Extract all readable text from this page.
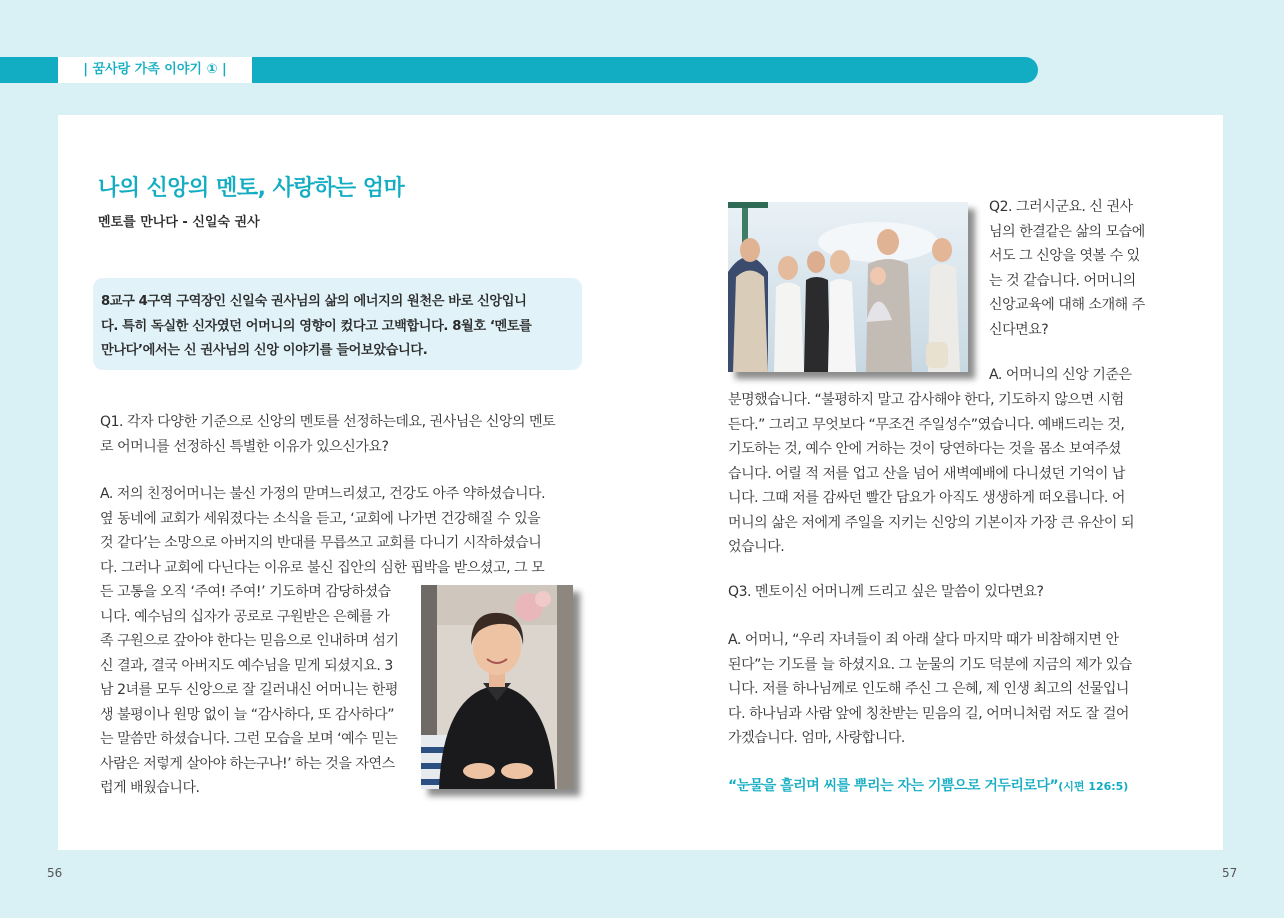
| 꿈사랑 가족 이야기 ① |
나의 신앙의 멘토, 사랑하는 엄마
멘토를 만나다 - 신일숙 권사
8교구 4구역 구역장인 신일숙 권사님의 삶의 에너지의 원천은 바로 신앙입니
다. 특히 독실한 신자였던 어머니의 영향이 컸다고 고백합니다. 8월호 ‘멘토를
만나다’에서는 신 권사님의 신앙 이야기를 들어보았습니다.
Q1. 각자 다양한 기준으로 신앙의 멘토를 선정하는데요, 권사님은 신앙의 멘토
로 어머니를 선정하신 특별한 이유가 있으신가요?
A. 저의 친정어머니는 불신 가정의 맏며느리셨고, 건강도 아주 약하셨습니다.
옆 동네에 교회가 세워졌다는 소식을 듣고, ‘교회에 나가면 건강해질 수 있을
것 같다’는 소망으로 아버지의 반대를 무릅쓰고 교회를 다니기 시작하셨습니
다. 그러나 교회에 다닌다는 이유로 불신 집안의 심한 핍박을 받으셨고, 그 모
든 고통을 오직 ‘주여! 주여!’ 기도하며 감당하셨습
니다. 예수님의 십자가 공로로 구원받은 은혜를 가
족 구원으로 갚아야 한다는 믿음으로 인내하며 섬기
신 결과, 결국 아버지도 예수님을 믿게 되셨지요. 3
남 2녀를 모두 신앙으로 잘 길러내신 어머니는 한평
생 불평이나 원망 없이 늘 “감사하다, 또 감사하다”
는 말씀만 하셨습니다. 그런 모습을 보며 ‘예수 믿는
사람은 저렇게 살아야 하는구나!’ 하는 것을 자연스
럽게 배웠습니다.
Q2. 그러시군요. 신 권사
님의 한결같은 삶의 모습에
서도 그 신앙을 엿볼 수 있
는 것 같습니다. 어머니의
신앙교육에 대해 소개해 주
신다면요?
A. 어머니의 신앙 기준은
분명했습니다. “불평하지 말고 감사해야 한다, 기도하지 않으면 시험
든다.” 그리고 무엇보다 “무조건 주일성수”였습니다. 예배드리는 것,
기도하는 것, 예수 안에 거하는 것이 당연하다는 것을 몸소 보여주셨
습니다. 어릴 적 저를 업고 산을 넘어 새벽예배에 다니셨던 기억이 납
니다. 그때 저를 감싸던 빨간 담요가 아직도 생생하게 떠오릅니다. 어
머니의 삶은 저에게 주일을 지키는 신앙의 기본이자 가장 큰 유산이 되
었습니다.
Q3. 멘토이신 어머니께 드리고 싶은 말씀이 있다면요?
A. 어머니, “우리 자녀들이 죄 아래 살다 마지막 때가 비참해지면 안
된다”는 기도를 늘 하셨지요. 그 눈물의 기도 덕분에 지금의 제가 있습
니다. 저를 하나님께로 인도해 주신 그 은혜, 제 인생 최고의 선물입니
다. 하나님과 사람 앞에 칭찬받는 믿음의 길, 어머니처럼 저도 잘 걸어
가겠습니다. 엄마, 사랑합니다.
“눈물을 흘리며 씨를 뿌리는 자는 기쁨으로 거두리로다”(시편 126:5)
56	57
